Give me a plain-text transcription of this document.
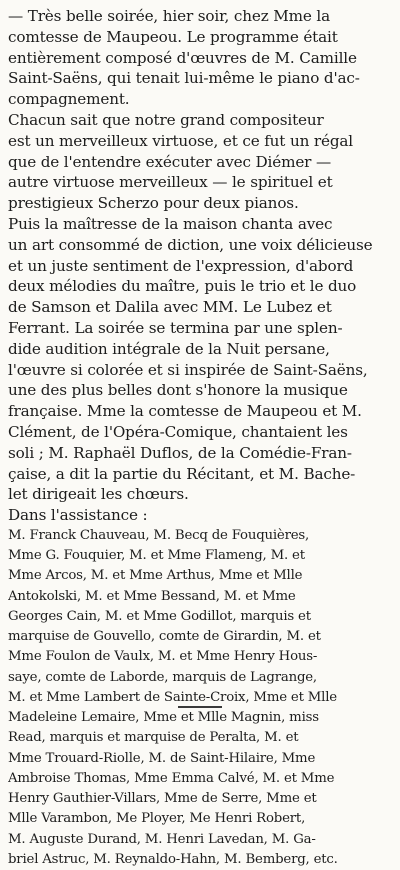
— Très belle soirée, hier soir, chez Mme la
comtesse de Maupeou. Le programme était
entièrement composé d'œuvres de M. Camille
Saint-Saëns, qui tenait lui-même le piano d'ac-
compagnement.
Chacun sait que notre grand compositeur
est un merveilleux virtuose, et ce fut un régal
que de l'entendre exécuter avec Diémer —
autre virtuose merveilleux — le spirituel et
prestigieux Scherzo pour deux pianos.
Puis la maîtresse de la maison chanta avec
un art consommé de diction, une voix délicieuse
et un juste sentiment de l'expression, d'abord
deux mélodies du maître, puis le trio et le duo
de Samson et Dalila avec MM. Le Lubez et
Ferrant. La soirée se termina par une splen-
dide audition intégrale de la Nuit persane,
l'œuvre si colorée et si inspirée de Saint-Saëns,
une des plus belles dont s'honore la musique
française. Mme la comtesse de Maupeou et M.
Clément, de l'Opéra-Comique, chantaient les
soli ; M. Raphaël Duflos, de la Comédie-Fran-
çaise, a dit la partie du Récitant, et M. Bache-
let dirigeait les chœurs.
Dans l'assistance :
M. Franck Chauveau, M. Becq de Fouquières,
Mme G. Fouquier, M. et Mme Flameng, M. et
Mme Arcos, M. et Mme Arthus, Mme et Mlle
Antokolski, M. et Mme Bessand, M. et Mme
Georges Cain, M. et Mme Godillot, marquis et
marquise de Gouvello, comte de Girardin, M. et
Mme Foulon de Vaulx, M. et Mme Henry Hous-
saye, comte de Laborde, marquis de Lagrange,
M. et Mme Lambert de Sainte-Croix, Mme et Mlle
Madeleine Lemaire, Mme et Mlle Magnin, miss
Read, marquis et marquise de Peralta, M. et
Mme Trouard-Riolle, M. de Saint-Hilaire, Mme
Ambroise Thomas, Mme Emma Calvé, M. et Mme
Henry Gauthier-Villars, Mme de Serre, Mme et
Mlle Varambon, Me Ployer, Me Henri Robert,
M. Auguste Durand, M. Henri Lavedan, M. Ga-
briel Astruc, M. Reynaldo-Hahn, M. Bemberg, etc.
